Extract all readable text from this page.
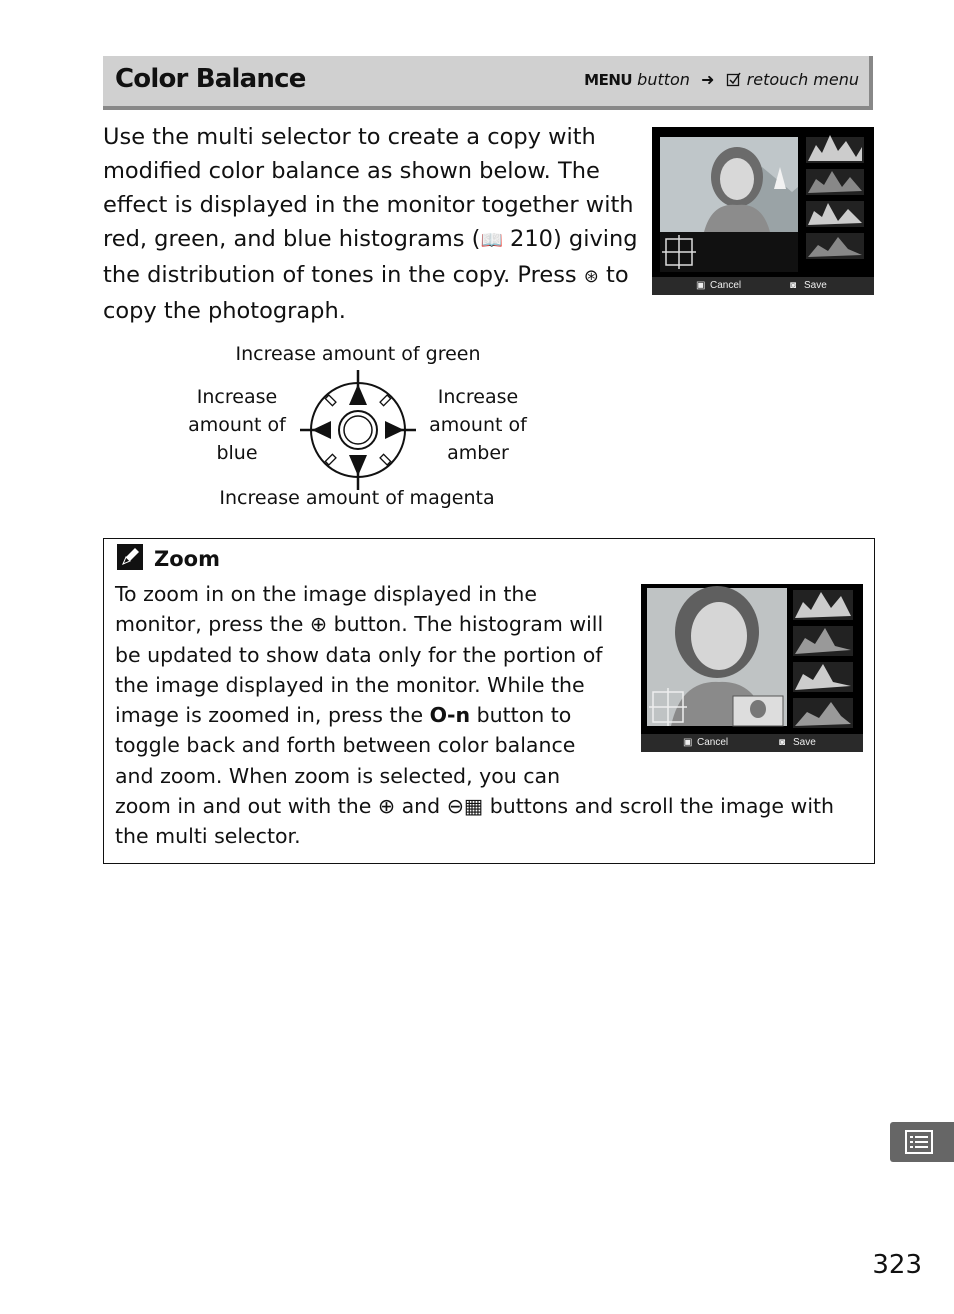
Color Balance	MENU button ➜ retouch menu
Use the multi selector to create a copy with modified color balance as shown below. The effect is displayed in the monitor together with red, green, and blue histograms (📖 210) giving the distribution of tones in the copy. Press ⊛ to copy the photograph.
▣ Cancel	◙ Save
Increase amount of green
Increase amount of blue
Increase amount of amber
Increase amount of magenta
Zoom
To zoom in on the image displayed in the monitor, press the ⊕ button. The histogram will be updated to show data only for the portion of the image displayed in the monitor. While the image is zoomed in, press the O‑n button to toggle back and forth between color balance and zoom. When zoom is selected, you can zoom in and out with the ⊕ and ⊖▦ buttons and scroll the image with the multi selector.
▣ Cancel	◙ Save
323
